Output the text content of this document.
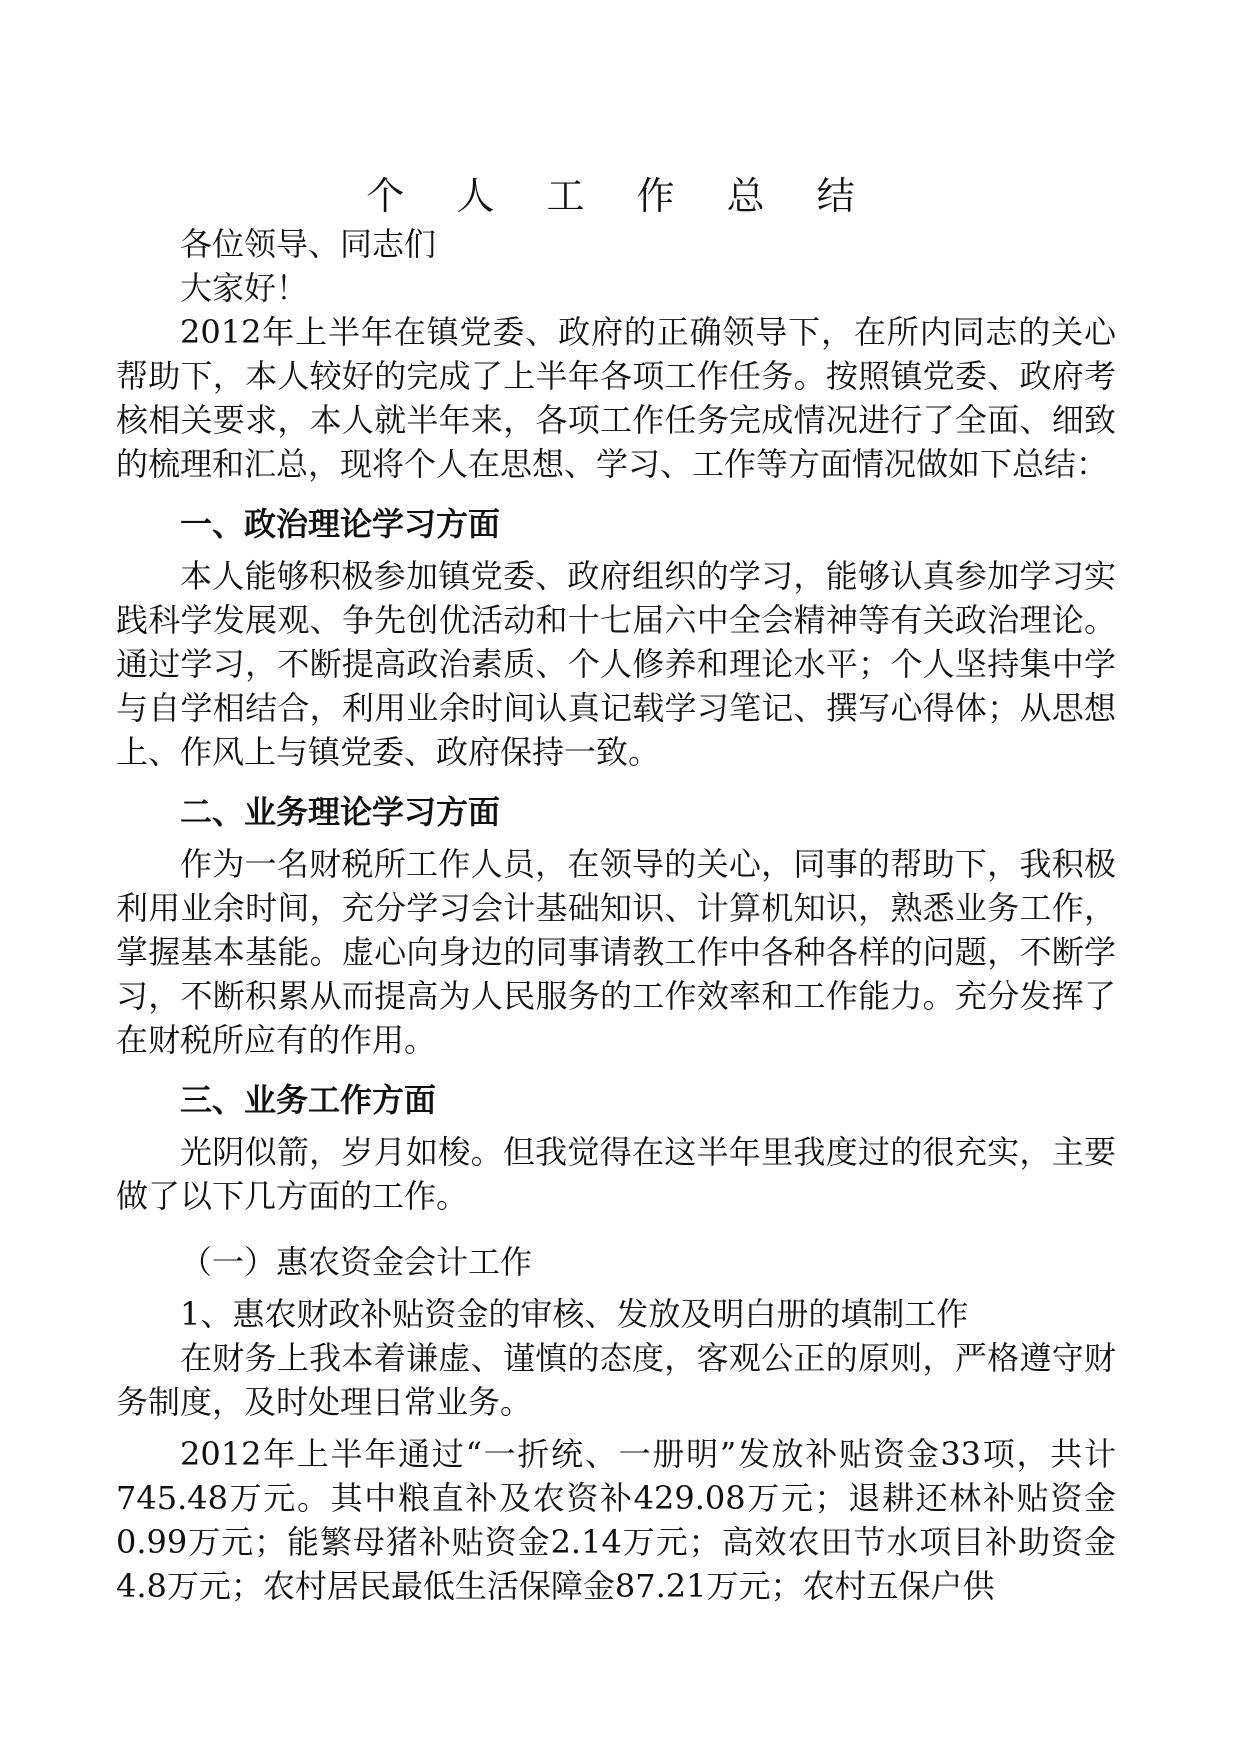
个 人 工 作 总 结

各位领导、同志们

大家好！

2012年上半年在镇党委、政府的正确领导下，在所内同志的关心帮助下，本人较好的完成了上半年各项工作任务。按照镇党委、政府考核相关要求，本人就半年来，各项工作任务完成情况进行了全面、细致的梳理和汇总，现将个人在思想、学习、工作等方面情况做如下总结：

一、政治理论学习方面

本人能够积极参加镇党委、政府组织的学习，能够认真参加学习实践科学发展观、争先创优活动和十七届六中全会精神等有关政治理论。通过学习，不断提高政治素质、个人修养和理论水平；个人坚持集中学与自学相结合，利用业余时间认真记载学习笔记、撰写心得体；从思想上、作风上与镇党委、政府保持一致。

二、业务理论学习方面

作为一名财税所工作人员，在领导的关心，同事的帮助下，我积极利用业余时间，充分学习会计基础知识、计算机知识，熟悉业务工作，掌握基本基能。虚心向身边的同事请教工作中各种各样的问题，不断学习，不断积累从而提高为人民服务的工作效率和工作能力。充分发挥了在财税所应有的作用。

三、业务工作方面

光阴似箭，岁月如梭。但我觉得在这半年里我度过的很充实，主要做了以下几方面的工作。

（一）惠农资金会计工作

1、惠农财政补贴资金的审核、发放及明白册的填制工作

在财务上我本着谦虚、谨慎的态度，客观公正的原则，严格遵守财务制度，及时处理日常业务。

2012年上半年通过“一折统、一册明”发放补贴资金33项，共计745.48万元。其中粮直补及农资补429.08万元；退耕还林补贴资金0.99万元；能繁母猪补贴资金2.14万元；高效农田节水项目补助资金4.8万元；农村居民最低生活保障金87.21万元；农村五保户供
